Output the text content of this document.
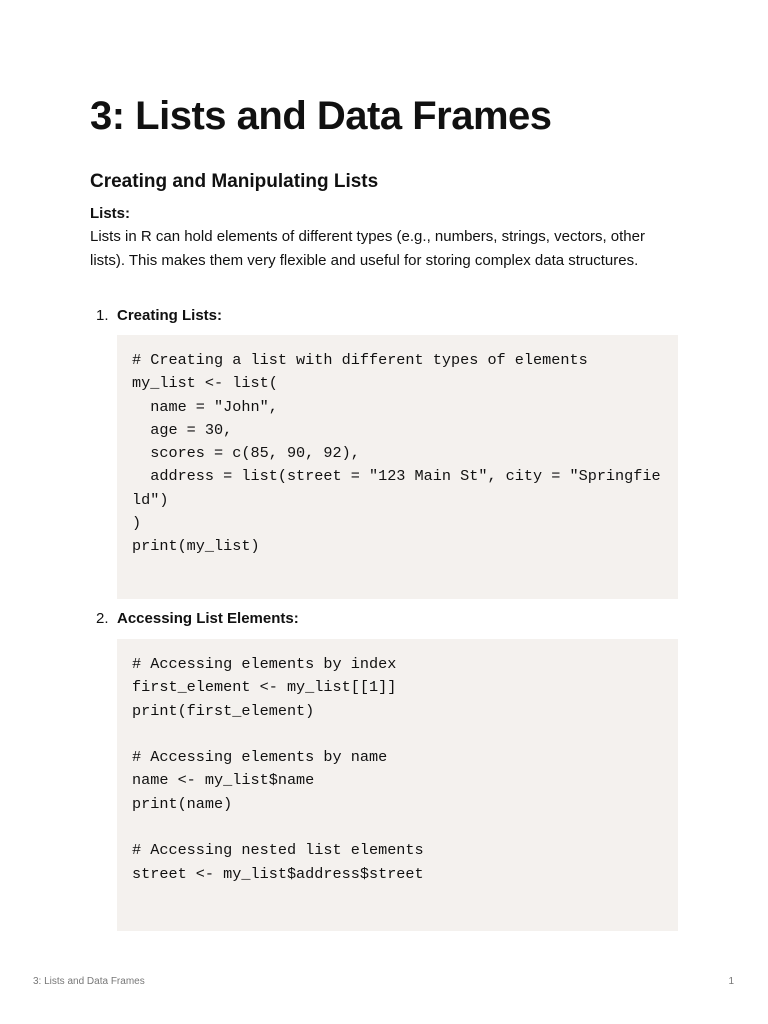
3: Lists and Data Frames
Creating and Manipulating Lists
Lists:

Lists in R can hold elements of different types (e.g., numbers, strings, vectors, other lists). This makes them very flexible and useful for storing complex data structures.

1. Creating Lists:
# Creating a list with different types of elements
my_list <- list(
name = "John",
age = 30,
scores = c(85, 90, 92),
address = list(street = "123 Main St", city = "Springfie
ld")
)
print(my_list)
2. Accessing List Elements:
# Accessing elements by index
first_element <- my_list[[1]]
print(first_element)

# Accessing elements by name
name <- my_list$name
print(name)

# Accessing nested list elements
street <- my_list$address$street
3: Lists and Data Frames	1
